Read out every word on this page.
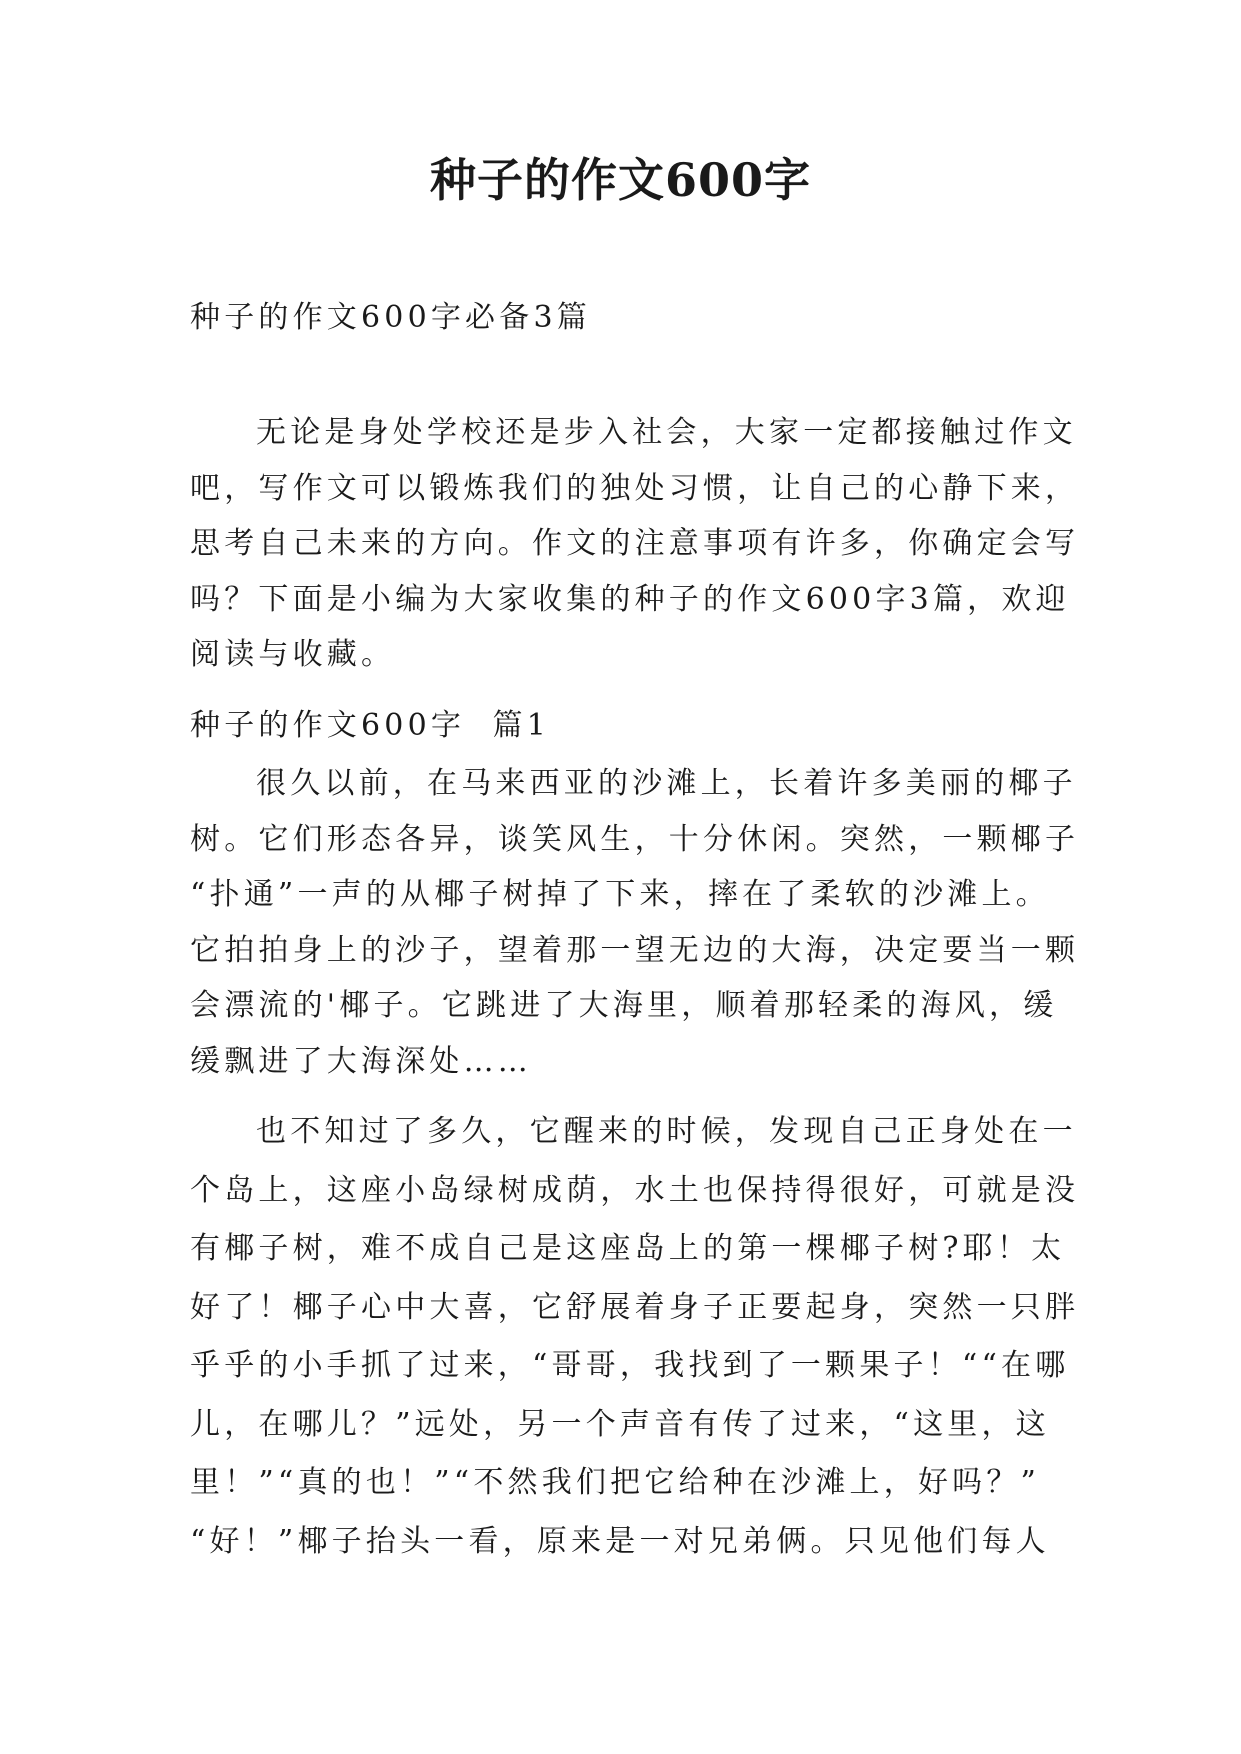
种子的作文600字

种子的作文600字必备3篇

无论是身处学校还是步入社会，大家一定都接触过作文
吧，写作文可以锻炼我们的独处习惯，让自己的心静下来，
思考自己未来的方向。作文的注意事项有许多，你确定会写
吗？下面是小编为大家收集的种子的作文600字3篇，欢迎
阅读与收藏。

种子的作文600字  篇1

很久以前，在马来西亚的沙滩上，长着许多美丽的椰子
树。它们形态各异，谈笑风生，十分休闲。突然，一颗椰子
“扑通”一声的从椰子树掉了下来，摔在了柔软的沙滩上。
它拍拍身上的沙子，望着那一望无边的大海，决定要当一颗
会漂流的'椰子。它跳进了大海里，顺着那轻柔的海风，缓
缓飘进了大海深处……

也不知过了多久，它醒来的时候，发现自己正身处在一
个岛上，这座小岛绿树成荫，水土也保持得很好，可就是没
有椰子树，难不成自己是这座岛上的第一棵椰子树?耶！太
好了！椰子心中大喜，它舒展着身子正要起身，突然一只胖
乎乎的小手抓了过来，“哥哥，我找到了一颗果子！““在哪
儿，在哪儿？”远处，另一个声音有传了过来，“这里，这
里！”“真的也！”“不然我们把它给种在沙滩上，好吗？”
“好！”椰子抬头一看，原来是一对兄弟俩。只见他们每人
